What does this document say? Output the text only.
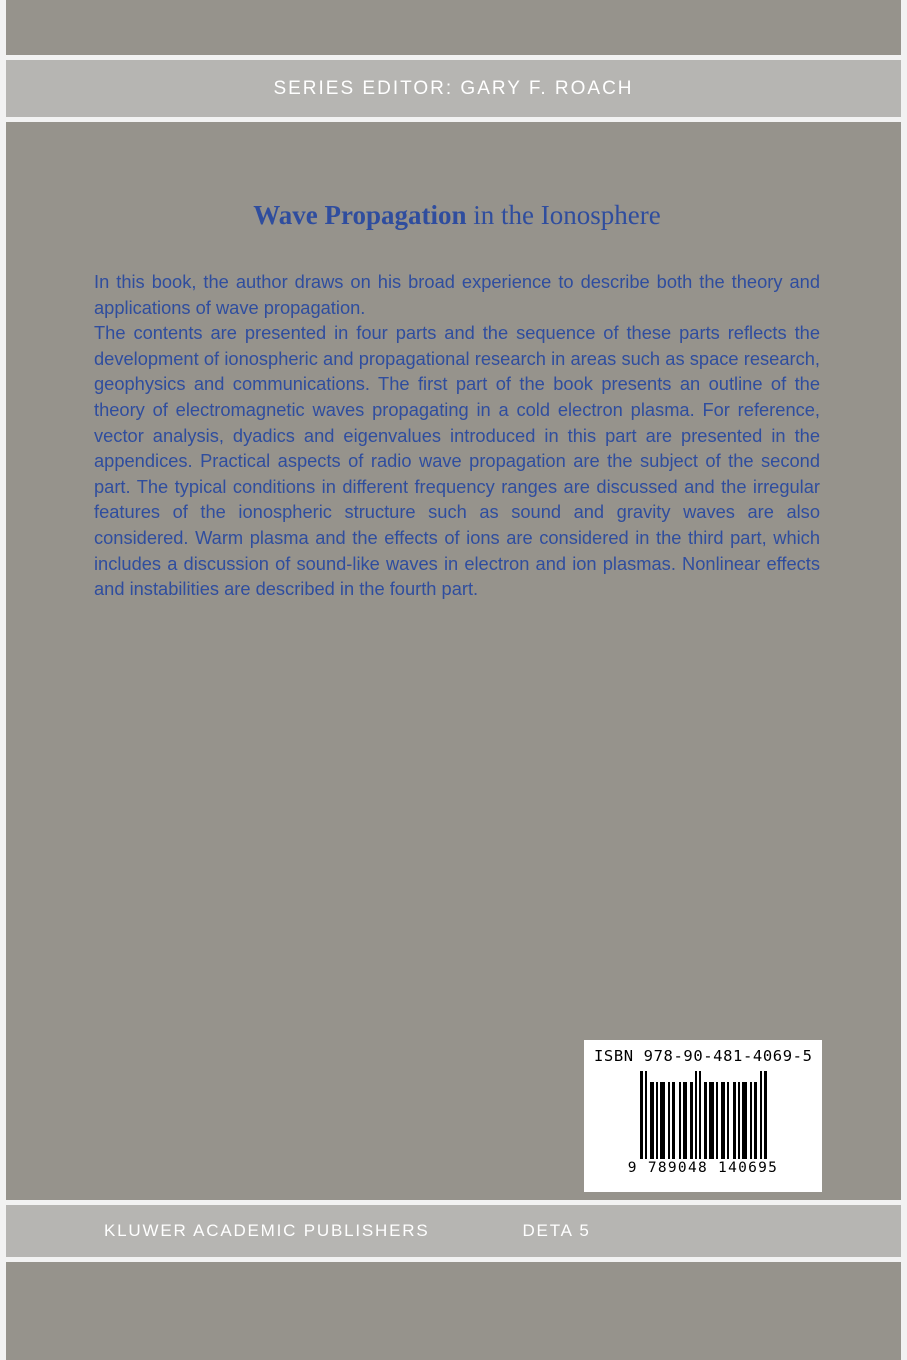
SERIES EDITOR: GARY F. ROACH
Wave Propagation in the Ionosphere

In this book, the author draws on his broad experience to describe both the theory and applications of wave propagation.

The contents are presented in four parts and the sequence of these parts reflects the development of ionospheric and propagational research in areas such as space research, geophysics and communications. The first part of the book presents an outline of the theory of electromagnetic waves propagating in a cold electron plasma. For reference, vector analysis, dyadics and eigenvalues introduced in this part are presented in the appendices. Practical aspects of radio wave propagation are the subject of the second part. The typical conditions in different frequency ranges are discussed and the irregular features of the ionospheric structure such as sound and gravity waves are also considered. Warm plasma and the effects of ions are considered in the third part, which includes a discussion of sound-like waves in electron and ion plasmas. Nonlinear effects and instabilities are described in the fourth part.

ISBN 978-90-481-4069-5
9 789048 140695
KLUWER ACADEMIC PUBLISHERS	DETA 5
